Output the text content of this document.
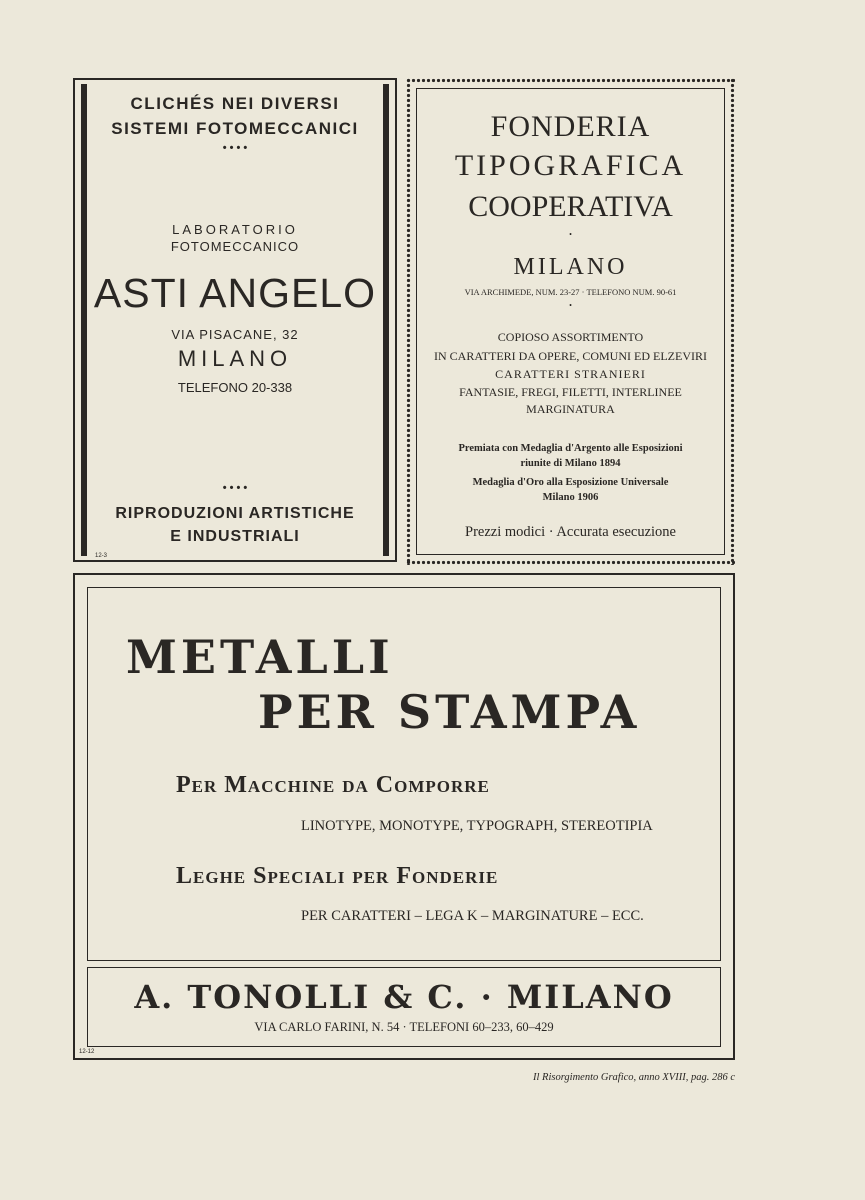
CLICHÉS NEI DIVERSI
SISTEMI FOTOMECCANICI
• • • •
LABORATORIO
FOTOMECCANICO
ASTI ANGELO
VIA PISACANE, 32
MILANO
TELEFONO 20-338
• • • •
RIPRODUZIONI ARTISTICHE
E INDUSTRIALI
12-3
FONDERIA
TIPOGRAFICA
COOPERATIVA
•
MILANO
VIA ARCHIMEDE, NUM. 23-27 · TELEFONO NUM. 90-61
•
COPIOSO ASSORTIMENTO
IN CARATTERI DA OPERE, COMUNI ED ELZEVIRI
CARATTERI STRANIERI
FANTASIE, FREGI, FILETTI, INTERLINEE
MARGINATURA
Premiata con Medaglia d'Argento alle Esposizioni
riunite di Milano 1894
Medaglia d'Oro alla Esposizione Universale
Milano 1906
Prezzi modici · Accurata esecuzione
METALLI
PER STAMPA
Per Macchine da Comporre
LINOTYPE, MONOTYPE, TYPOGRAPH, STEREOTIPIA
Leghe Speciali per Fonderie
PER CARATTERI – LEGA K – MARGINATURE – ECC.
A. TONOLLI & C. · MILANO
VIA CARLO FARINI, N. 54 · TELEFONI 60–233, 60–429
12-12
Il Risorgimento Grafico, anno XVIII, pag. 286 c
